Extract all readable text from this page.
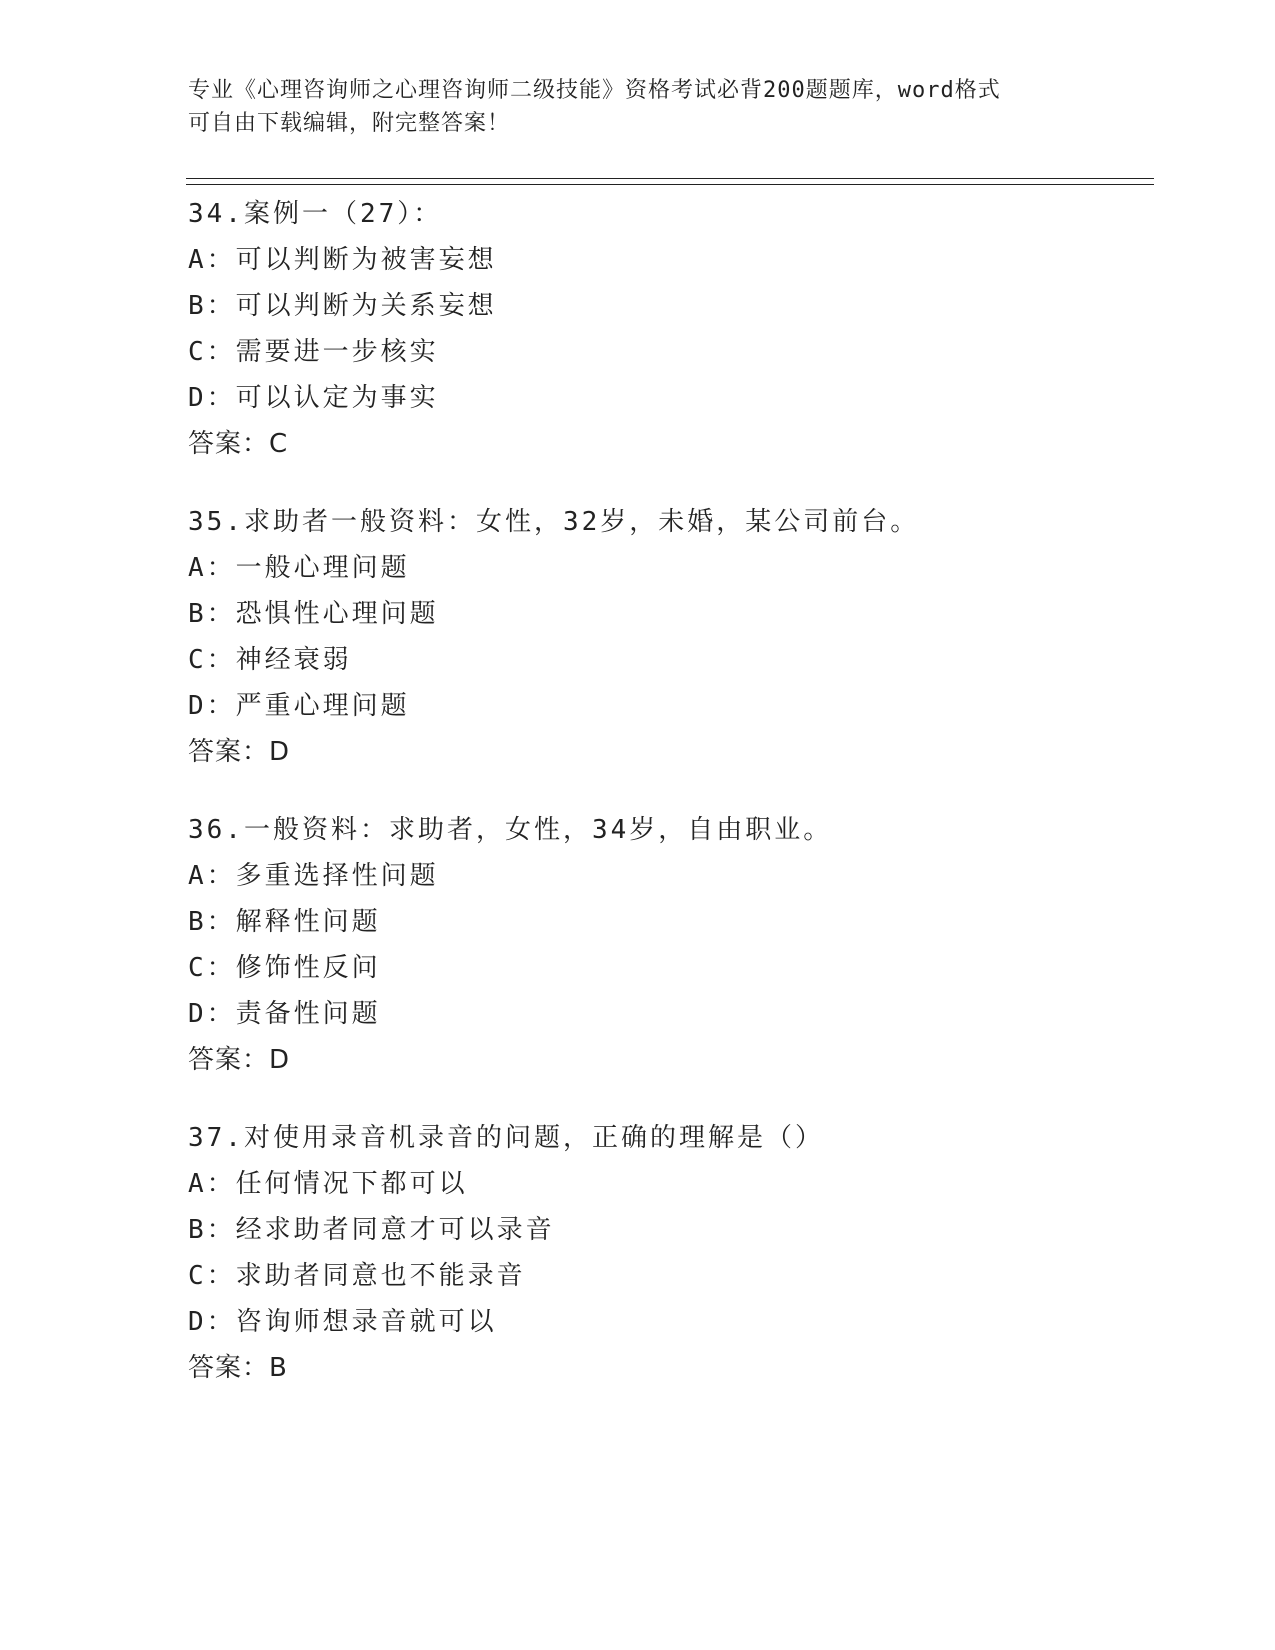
专业《心理咨询师之心理咨询师二级技能》资格考试必背200题题库，word格式
可自由下载编辑，附完整答案！
34.案例一（27）：
A：可以判断为被害妄想
B：可以判断为关系妄想
C：需要进一步核实
D：可以认定为事实
答案：C
35.求助者一般资料：女性，32岁，未婚，某公司前台。
A：一般心理问题
B：恐惧性心理问题
C：神经衰弱
D：严重心理问题
答案：D
36.一般资料：求助者，女性，34岁，自由职业。
A：多重选择性问题
B：解释性问题
C：修饰性反问
D：责备性问题
答案：D
37.对使用录音机录音的问题，正确的理解是（）
A：任何情况下都可以
B：经求助者同意才可以录音
C：求助者同意也不能录音
D：咨询师想录音就可以
答案：B
